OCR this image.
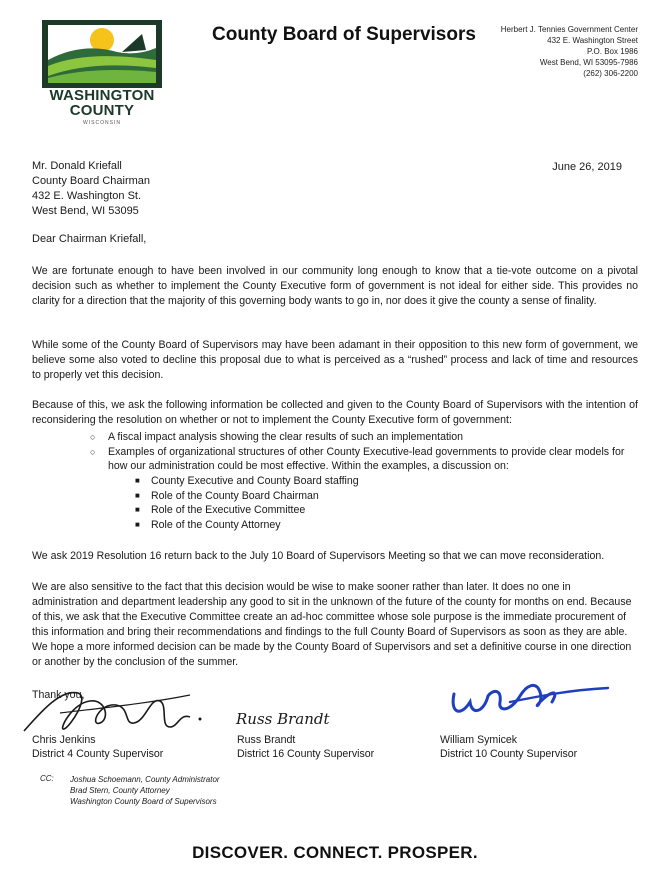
WASHINGTON
COUNTY
WISCONSIN
County Board of Supervisors	Herbert J. Tennies Government Center
432 E. Washington Street
P.O. Box 1986
West Bend, WI 53095-7986
(262) 306-2200
Mr. Donald Kriefall
County Board Chairman
432 E. Washington St.
West Bend, WI 53095
June 26, 2019
Dear Chairman Kriefall,
We are fortunate enough to have been involved in our community long enough to know that a tie-vote outcome on a pivotal decision such as whether to implement the County Executive form of government is not ideal for either side. This provides no clarity for a direction that the majority of this governing body wants to go in, nor does it give the county a sense of finality.
While some of the County Board of Supervisors may have been adamant in their opposition to this new form of government, we believe some also voted to decline this proposal due to what is perceived as a “rushed” process and lack of time and resources to properly vet this decision.
Because of this, we ask the following information be collected and given to the County Board of Supervisors with the intention of reconsidering the resolution on whether or not to implement the County Executive form of government:
○ A fiscal impact analysis showing the clear results of such an implementation
○ Examples of organizational structures of other County Executive-lead governments to provide clear models for how our administration could be most effective. Within the examples, a discussion on:
■ County Executive and County Board staffing
■ Role of the County Board Chairman
■ Role of the Executive Committee
■ Role of the County Attorney
We ask 2019 Resolution 16 return back to the July 10 Board of Supervisors Meeting so that we can move reconsideration.
We are also sensitive to the fact that this decision would be wise to make sooner rather than later. It does no one in administration and department leadership any good to sit in the unknown of the future of the county for months on end. Because of this, we ask that the Executive Committee create an ad-hoc committee whose sole purpose is the immediate procurement of this information and bring their recommendations and findings to the full County Board of Supervisors as soon as they are able. We hope a more informed decision can be made by the County Board of Supervisors and set a definitive course in one direction or another by the conclusion of the summer.
Thank you,
Russ Brandt
Chris Jenkins
District 4 County Supervisor
Russ Brandt
District 16 County Supervisor
William Symicek
District 10 County Supervisor
CC: Joshua Schoemann, County Administrator
Brad Stern, County Attorney
Washington County Board of Supervisors
DISCOVER. CONNECT. PROSPER.
